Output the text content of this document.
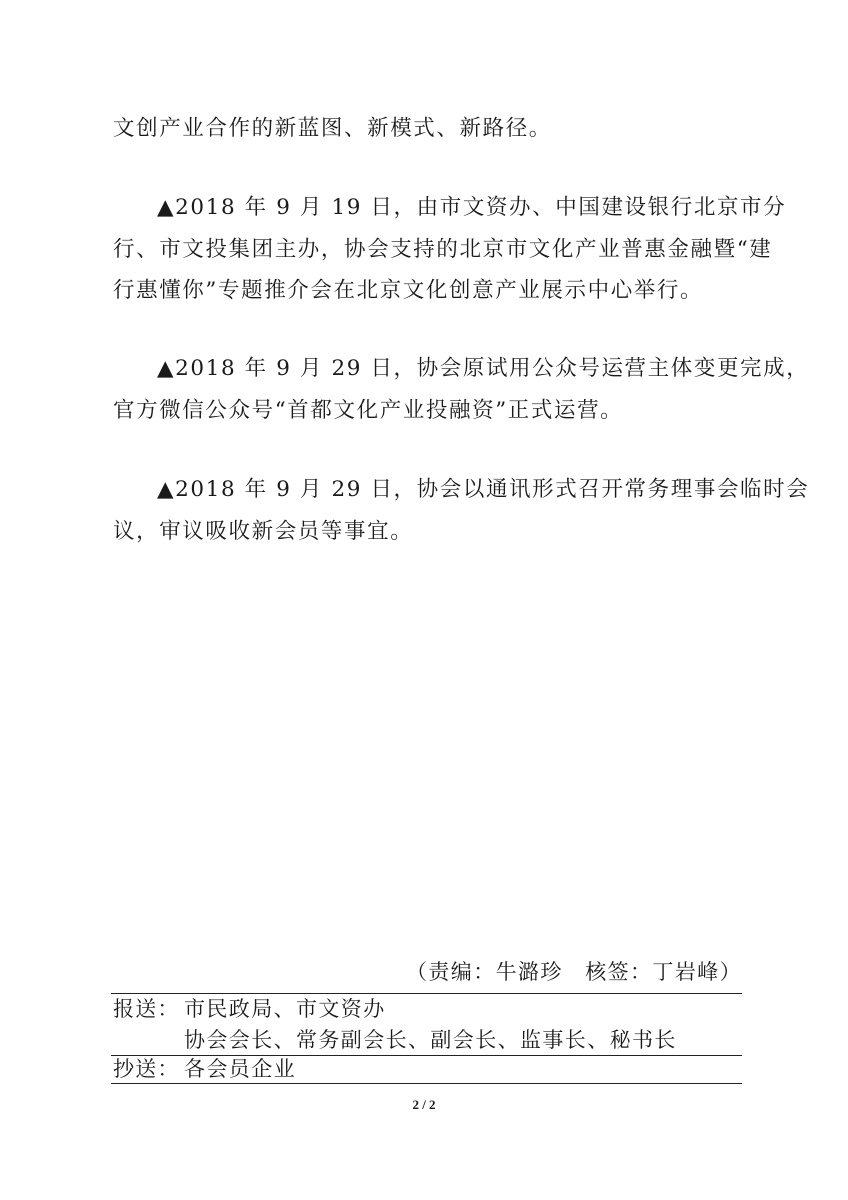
文创产业合作的新蓝图、新模式、新路径。
▲2018 年 9 月 19 日，由市文资办、中国建设银行北京市分
行、市文投集团主办，协会支持的北京市文化产业普惠金融暨“建
行惠懂你”专题推介会在北京文化创意产业展示中心举行。
▲2018 年 9 月 29 日，协会原试用公众号运营主体变更完成，
官方微信公众号“首都文化产业投融资”正式运营。
▲2018 年 9 月 29 日，协会以通讯形式召开常务理事会临时会
议，审议吸收新会员等事宜。
（责编：牛潞珍　核签：丁岩峰）
报送： 市民政局、市文资办
协会会长、常务副会长、副会长、监事长、秘书长
抄送： 各会员企业
2 / 2
